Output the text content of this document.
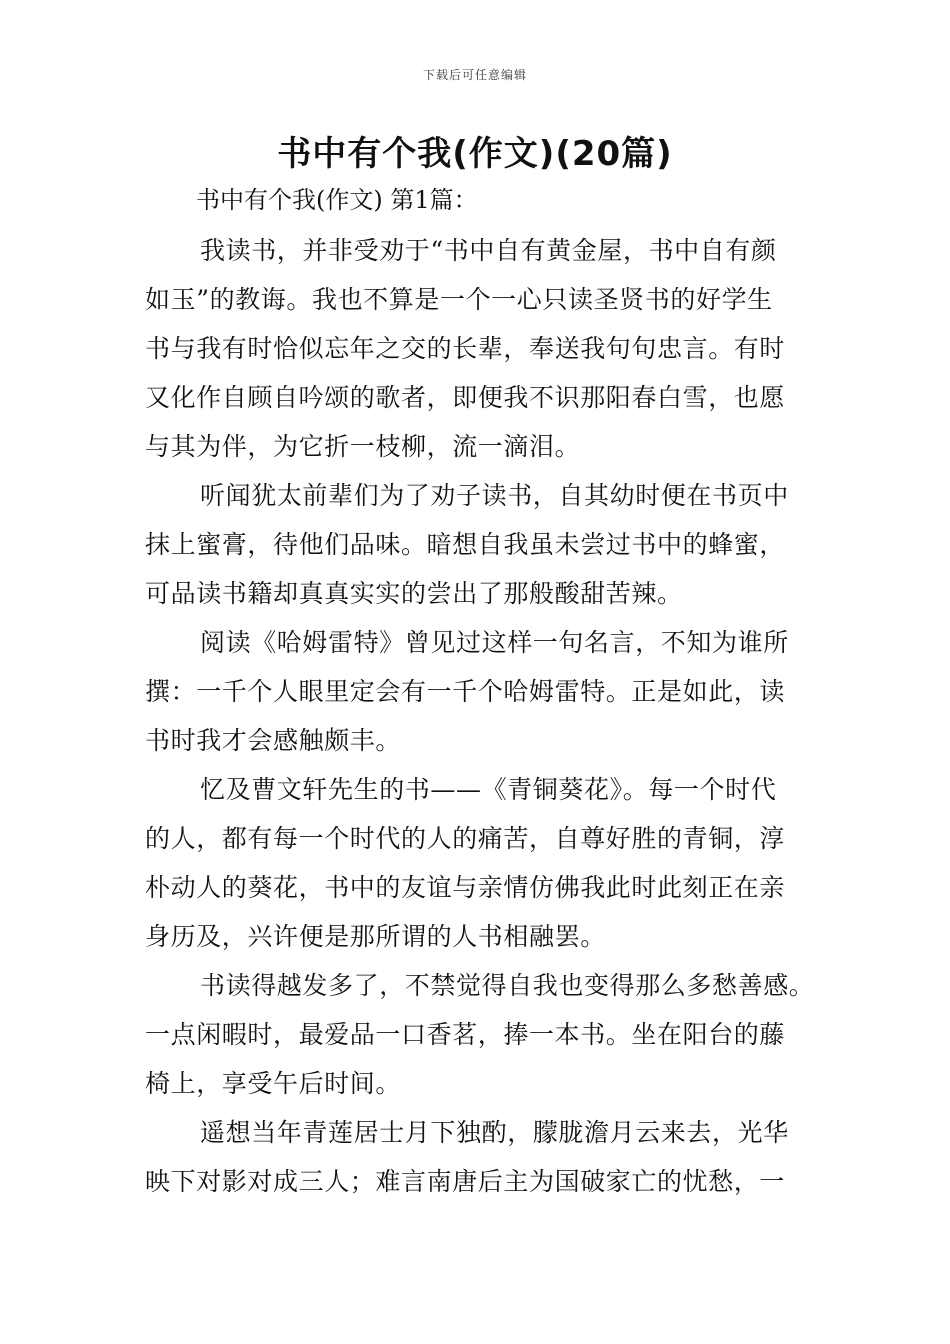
下载后可任意编辑
书中有个我(作文)(20篇)
书中有个我(作文) 第1篇：
我读书，并非受劝于“书中自有黄金屋，书中自有颜
如玉”的教诲。我也不算是一个一心只读圣贤书的好学生
书与我有时恰似忘年之交的长辈，奉送我句句忠言。有时
又化作自顾自吟颂的歌者，即便我不识那阳春白雪，也愿
与其为伴，为它折一枝柳，流一滴泪。
听闻犹太前辈们为了劝子读书，自其幼时便在书页中
抹上蜜膏，待他们品味。暗想自我虽未尝过书中的蜂蜜，
可品读书籍却真真实实的尝出了那般酸甜苦辣。
阅读《哈姆雷特》曾见过这样一句名言，不知为谁所
撰：一千个人眼里定会有一千个哈姆雷特。正是如此，读
书时我才会感触颇丰。
忆及曹文轩先生的书——《青铜葵花》。每一个时代
的人，都有每一个时代的人的痛苦，自尊好胜的青铜，淳
朴动人的葵花，书中的友谊与亲情仿佛我此时此刻正在亲
身历及，兴许便是那所谓的人书相融罢。
书读得越发多了，不禁觉得自我也变得那么多愁善感。
一点闲暇时，最爱品一口香茗，捧一本书。坐在阳台的藤
椅上，享受午后时间。
遥想当年青莲居士月下独酌，朦胧澹月云来去，光华
映下对影对成三人；难言南唐后主为国破家亡的忧愁，一
